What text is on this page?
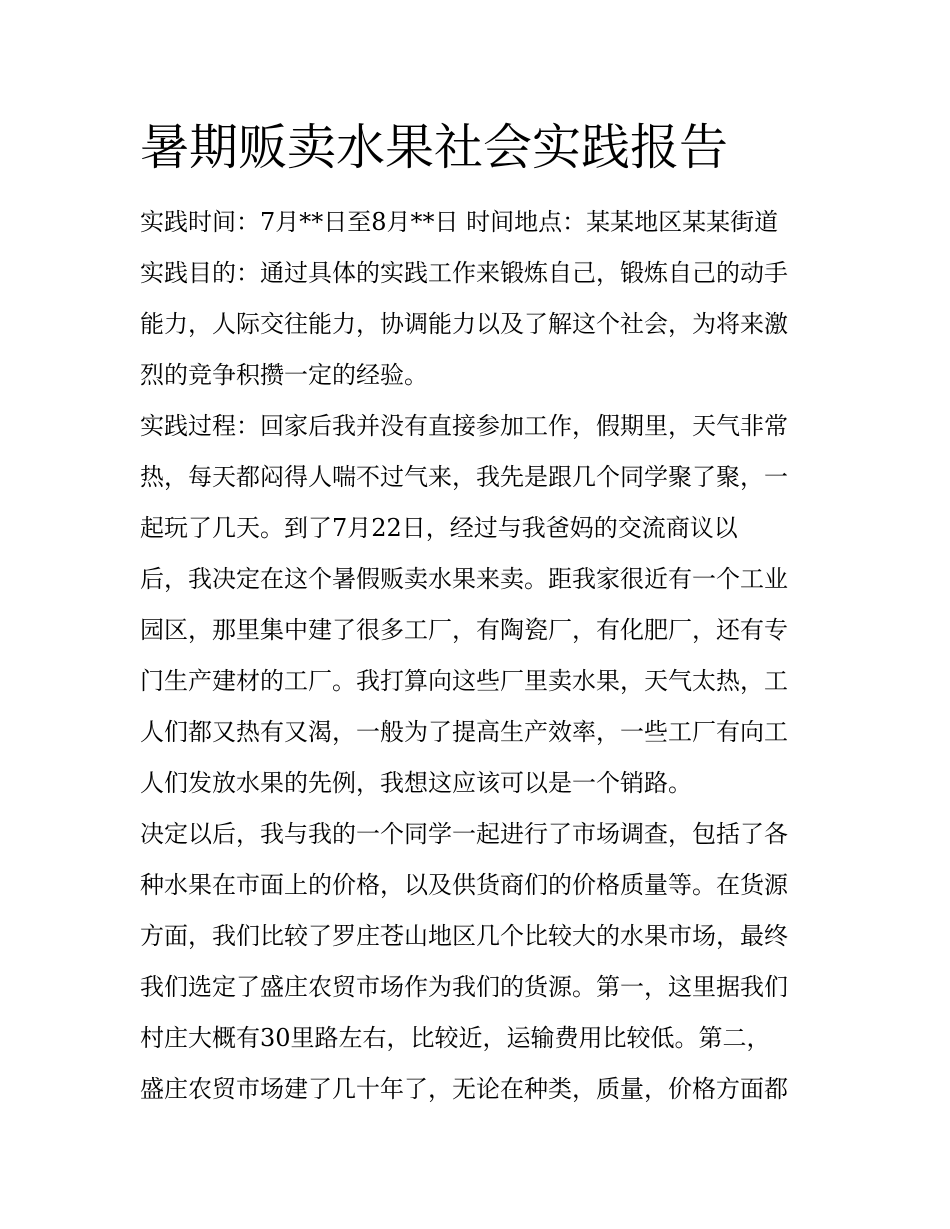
暑期贩卖水果社会实践报告

实践时间：7月**日至8月**日 时间地点：某某地区某某街道

实践目的：通过具体的实践工作来锻炼自己，锻炼自己的动手

能力，人际交往能力，协调能力以及了解这个社会，为将来激

烈的竞争积攒一定的经验。

实践过程：回家后我并没有直接参加工作，假期里，天气非常

热，每天都闷得人喘不过气来，我先是跟几个同学聚了聚，一

起玩了几天。到了7月22日，经过与我爸妈的交流商议以

后，我决定在这个暑假贩卖水果来卖。距我家很近有一个工业

园区，那里集中建了很多工厂，有陶瓷厂，有化肥厂，还有专

门生产建材的工厂。我打算向这些厂里卖水果，天气太热，工

人们都又热有又渴，一般为了提高生产效率，一些工厂有向工

人们发放水果的先例，我想这应该可以是一个销路。

决定以后，我与我的一个同学一起进行了市场调查，包括了各

种水果在市面上的价格，以及供货商们的价格质量等。在货源

方面，我们比较了罗庄苍山地区几个比较大的水果市场，最终

我们选定了盛庄农贸市场作为我们的货源。第一，这里据我们

村庄大概有30里路左右，比较近，运输费用比较低。第二，

盛庄农贸市场建了几十年了，无论在种类，质量，价格方面都
